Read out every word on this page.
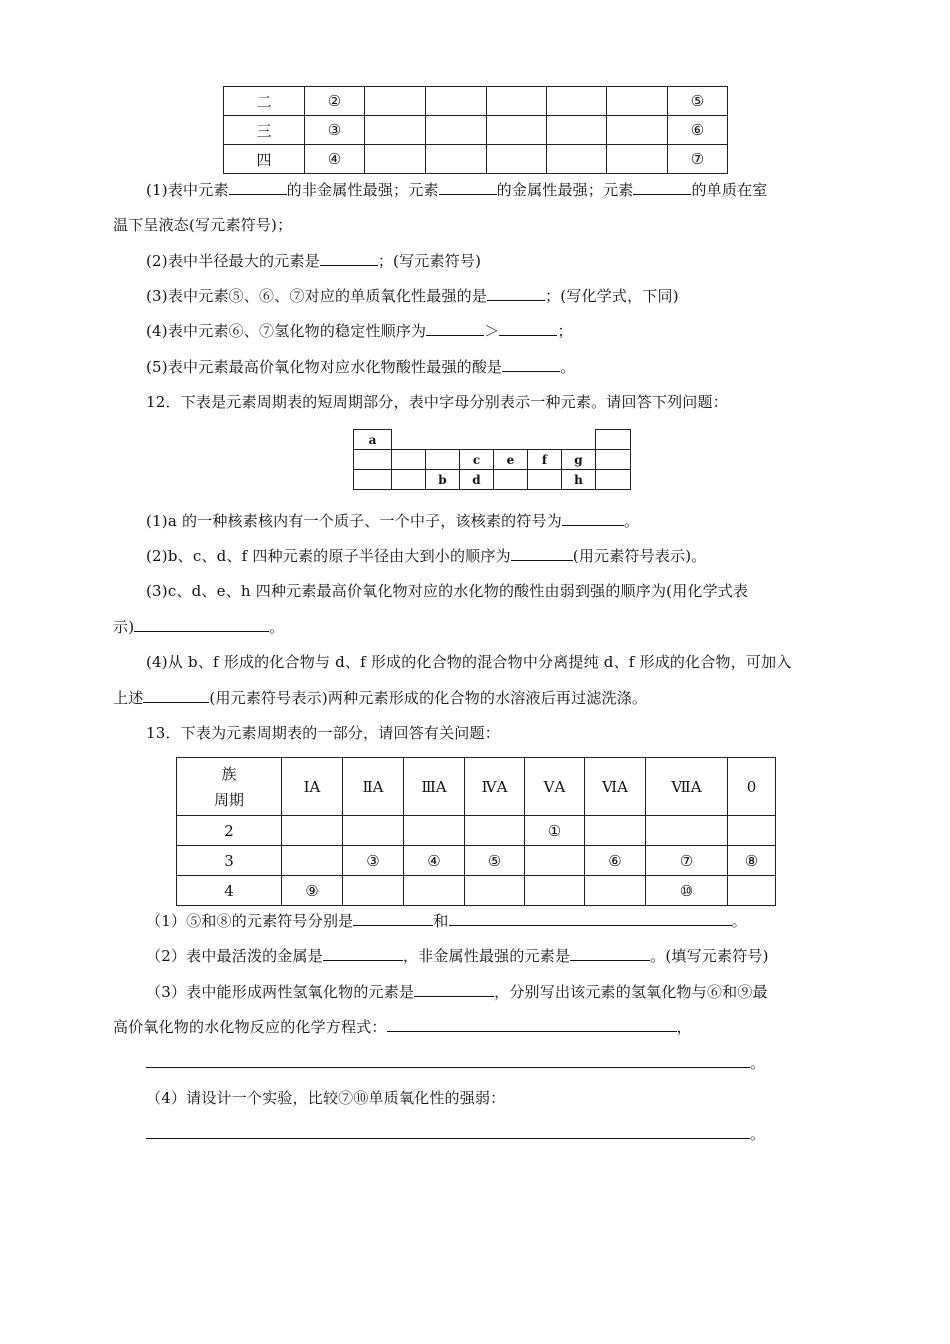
二	②						⑤
三	③						⑥
四	④						⑦
(1)表中元素	的非金属性最强；元素	的金属性最强；元素	的单质在室
温下呈液态(写元素符号)；
(2)表中半径最大的元素是	；(写元素符号)
(3)表中元素⑤、⑥、⑦对应的单质氧化性最强的是	；(写化学式，下同)
(4)表中元素⑥、⑦氢化物的稳定性顺序为	＞	；
(5)表中元素最高价氧化物对应水化物酸性最强的酸是	。
12．下表是元素周期表的短周期部分，表中字母分别表示一种元素。请回答下列问题：
a							
			c	e	f	g	
		b	d			h	
(1)a 的一种核素核内有一个质子、一个中子，该核素的符号为	。
(2)b、c、d、f 四种元素的原子半径由大到小的顺序为	(用元素符号表示)。
(3)c、d、e、h 四种元素最高价氧化物对应的水化物的酸性由弱到强的顺序为(用化学式表
示)	。
(4)从 b、f 形成的化合物与 d、f 形成的化合物的混合物中分离提纯 d、f 形成的化合物，可加入
上述	(用元素符号表示)两种元素形成的化合物的水溶液后再过滤洗涤。
13．下表为元素周期表的一部分，请回答有关问题：
族
周期	ⅠA	ⅡA	ⅢA	ⅣA	ⅤA	ⅥA	ⅦA	0
2					①			
3		③	④	⑤		⑥	⑦	⑧
4	⑨						⑩	
（1）⑤和⑧的元素符号分别是	和	。
（2）表中最活泼的金属是	，非金属性最强的元素是	。(填写元素符号)
（3）表中能形成两性氢氧化物的元素是	，分别写出该元素的氢氧化物与⑥和⑨最
高价氧化物的水化物反应的化学方程式：	，
。
（4）请设计一个实验，比较⑦⑩单质氧化性的强弱：
。
